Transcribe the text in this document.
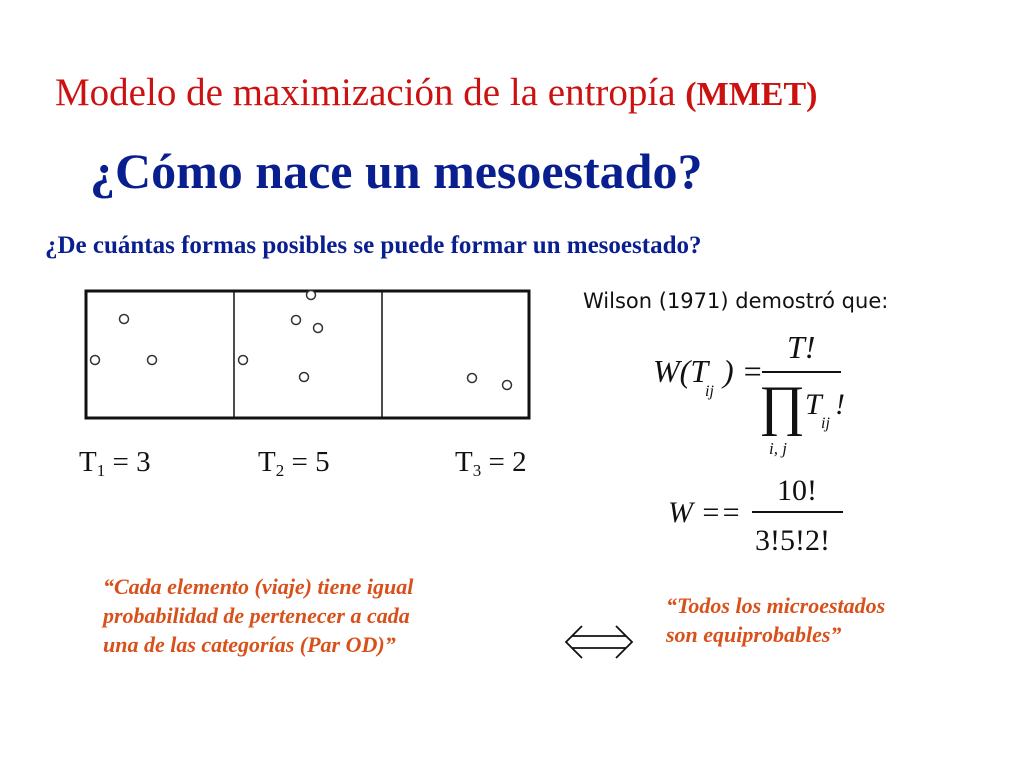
Modelo de maximización de la entropía (MMET)
¿Cómo nace un mesoestado?
¿De cuántas formas posibles se puede formar un mesoestado?
$T_1 = 3$	$T_2 = 5$	$T_3 = 2$
Wilson (1971) demostró que:
W(T
ij
) =
T!
∏ T
ij
!
i, j
W ==
10!
3!5!2!
“Cada elemento (viaje) tiene igual
probabilidad de pertenecer a cada
una de las categorías (Par OD)”
“Todos los microestados
son equiprobables”
